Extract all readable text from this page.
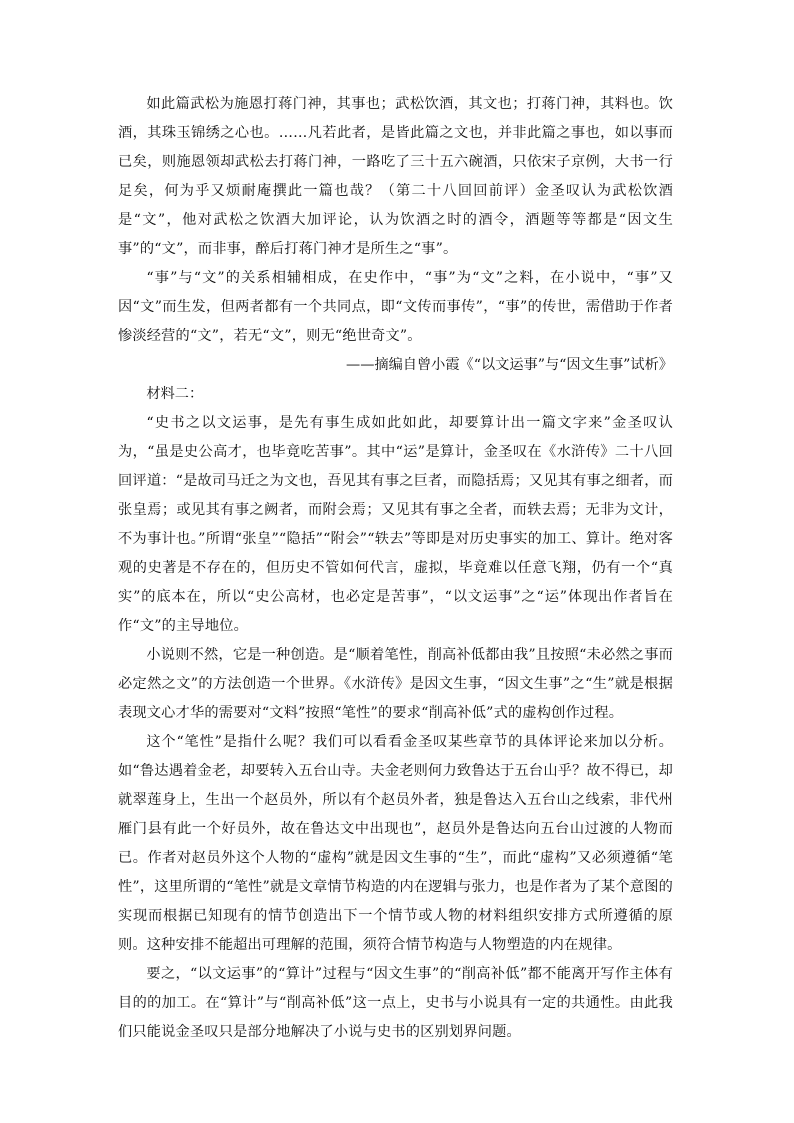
如此篇武松为施恩打蒋门神，其事也；武松饮酒，其文也；打蒋门神，其料也。饮酒，其珠玉锦绣之心也。……凡若此者，是皆此篇之文也，并非此篇之事也，如以事而已矣，则施恩领却武松去打蒋门神，一路吃了三十五六碗酒，只依宋子京例，大书一行足矣，何为乎又烦耐庵撰此一篇也哉？（第二十八回回前评）金圣叹认为武松饮酒是“文”，他对武松之饮酒大加评论，认为饮酒之时的酒令，酒题等等都是“因文生事”的“文”，而非事，醉后打蒋门神才是所生之“事”。

“事”与“文”的关系相辅相成，在史作中，“事”为“文”之料，在小说中，“事”又因“文”而生发，但两者都有一个共同点，即“文传而事传”，“事”的传世，需借助于作者惨淡经营的“文”，若无“文”，则无“绝世奇文”。

——摘编自曾小霞《“以文运事”与“因文生事”试析》

材料二：

“史书之以文运事，是先有事生成如此如此，却要算计出一篇文字来”金圣叹认为，“虽是史公高才，也毕竟吃苦事”。其中“运”是算计，金圣叹在《水浒传》二十八回回评道：“是故司马迁之为文也，吾见其有事之巨者，而隐括焉；又见其有事之细者，而张皇焉；或见其有事之阙者，而附会焉；又见其有事之全者，而轶去焉；无非为文计，不为事计也。”所谓“张皇”“隐括”“附会”“轶去”等即是对历史事实的加工、算计。绝对客观的史著是不存在的，但历史不管如何代言，虚拟，毕竟难以任意飞翔，仍有一个“真实”的底本在，所以“史公高材，也必定是苦事”，“以文运事”之“运”体现出作者旨在作“文”的主导地位。

小说则不然，它是一种创造。是“顺着笔性，削高补低都由我”且按照“未必然之事而必定然之文”的方法创造一个世界。《水浒传》是因文生事，“因文生事”之“生”就是根据表现文心才华的需要对“文料”按照“笔性”的要求“削高补低”式的虚构创作过程。

这个“笔性”是指什么呢？我们可以看看金圣叹某些章节的具体评论来加以分析。如“鲁达遇着金老，却要转入五台山寺。夫金老则何力致鲁达于五台山乎？故不得已，却就翠莲身上，生出一个赵员外，所以有个赵员外者，独是鲁达入五台山之线索，非代州雁门县有此一个好员外，故在鲁达文中出现也”，赵员外是鲁达向五台山过渡的人物而已。作者对赵员外这个人物的“虚构”就是因文生事的“生”，而此“虚构”又必须遵循“笔性”，这里所谓的“笔性”就是文章情节构造的内在逻辑与张力，也是作者为了某个意图的实现而根据已知现有的情节创造出下一个情节或人物的材料组织安排方式所遵循的原则。这种安排不能超出可理解的范围，须符合情节构造与人物塑造的内在规律。

要之，“以文运事”的“算计”过程与“因文生事”的“削高补低”都不能离开写作主体有目的的加工。在“算计”与“削高补低”这一点上，史书与小说具有一定的共通性。由此我们只能说金圣叹只是部分地解决了小说与史书的区别划界问题。
